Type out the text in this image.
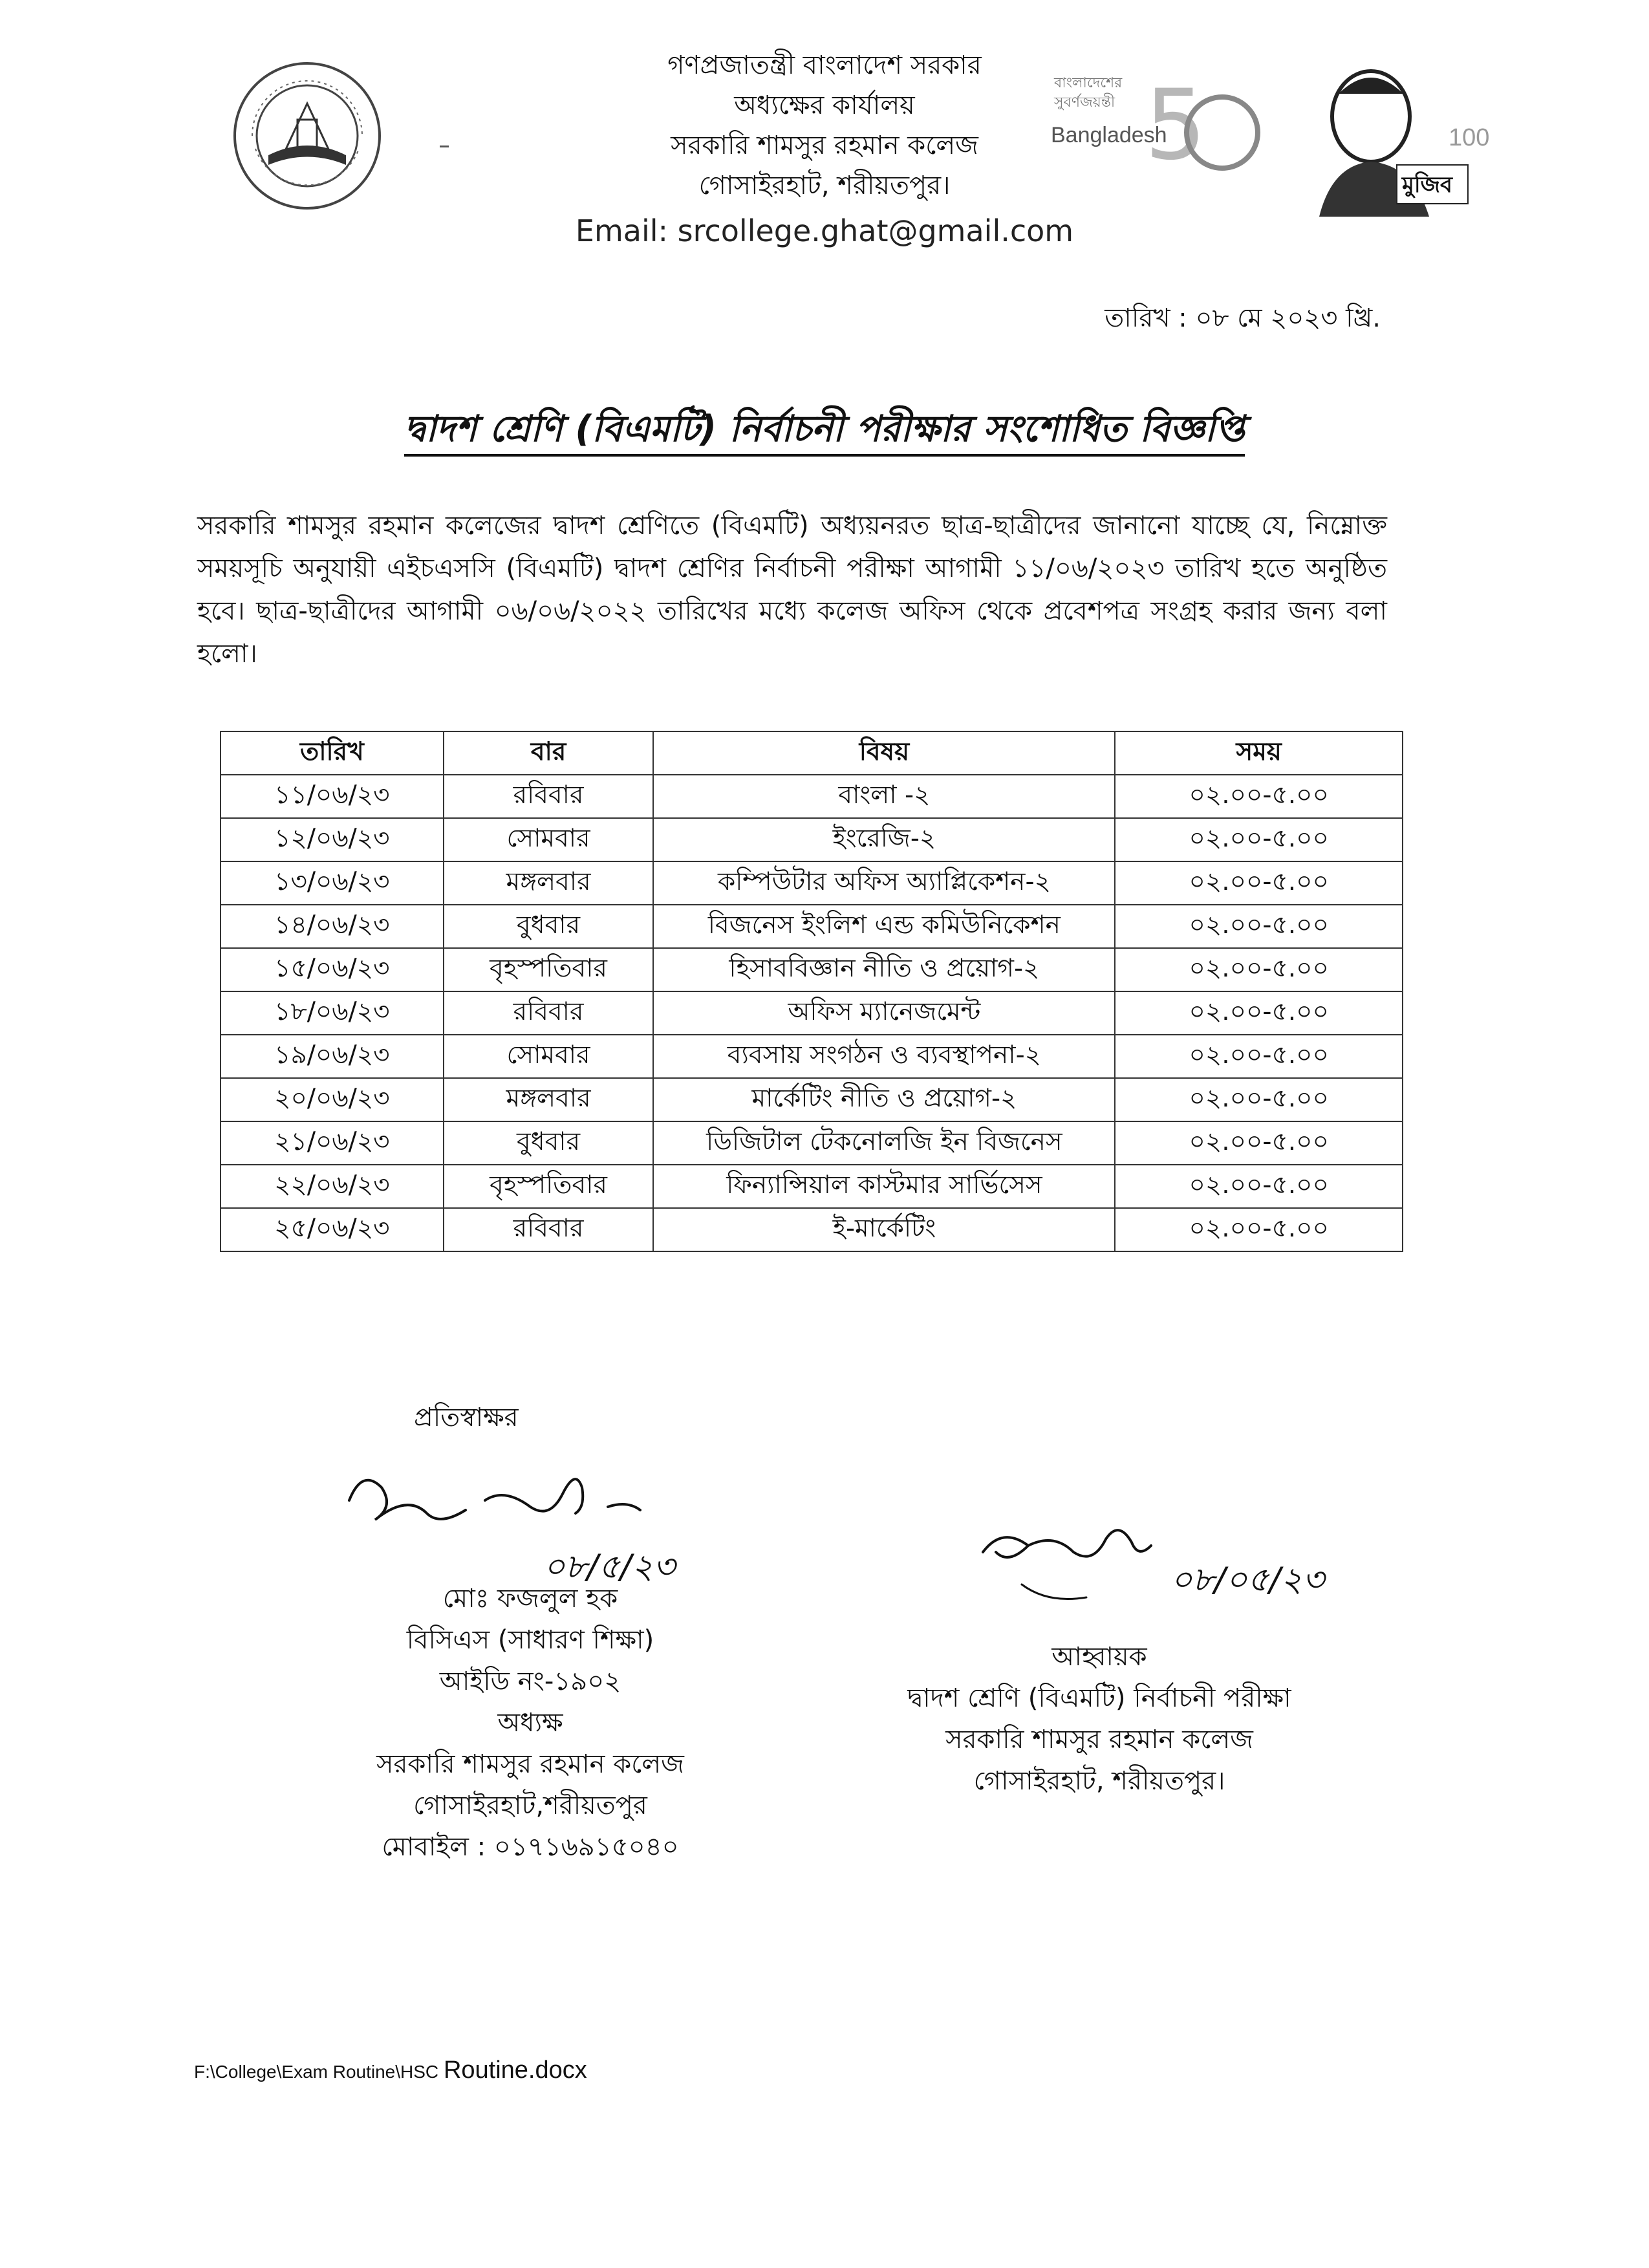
গণপ্রজাতন্ত্রী বাংলাদেশ সরকার
অধ্যক্ষের কার্যালয়
সরকারি শামসুর রহমান কলেজ
গোসাইরহাট, শরীয়তপুর।
Email: srcollege.ghat@gmail.com
বাংলাদেশের
সুবর্ণজয়ন্তী 5
Bangladesh
মুজিব
100
তারিখ : ০৮ মে ২০২৩ খ্রি.
দ্বাদশ শ্রেণি (বিএমটি) নির্বাচনী পরীক্ষার সংশোধিত বিজ্ঞপ্তি
সরকারি শামসুর রহমান কলেজের দ্বাদশ শ্রেণিতে (বিএমটি) অধ্যয়নরত ছাত্র-ছাত্রীদের জানানো যাচ্ছে যে, নিম্নোক্ত সময়সূচি অনুযায়ী এইচএসসি (বিএমটি) দ্বাদশ শ্রেণির নির্বাচনী পরীক্ষা আগামী ১১/০৬/২০২৩ তারিখ হতে অনুষ্ঠিত হবে। ছাত্র-ছাত্রীদের আগামী ০৬/০৬/২০২২ তারিখের মধ্যে কলেজ অফিস থেকে প্রবেশপত্র সংগ্রহ করার জন্য বলা হলো।
তারিখ	বার	বিষয়	সময়
১১/০৬/২৩	রবিবার	বাংলা -২	০২.০০-৫.০০
১২/০৬/২৩	সোমবার	ইংরেজি-২	০২.০০-৫.০০
১৩/০৬/২৩	মঙ্গলবার	কম্পিউটার অফিস অ্যাপ্লিকেশন-২	০২.০০-৫.০০
১৪/০৬/২৩	বুধবার	বিজনেস ইংলিশ এন্ড কমিউনিকেশন	০২.০০-৫.০০
১৫/০৬/২৩	বৃহস্পতিবার	হিসাববিজ্ঞান নীতি ও প্রয়োগ-২	০২.০০-৫.০০
১৮/০৬/২৩	রবিবার	অফিস ম্যানেজমেন্ট	০২.০০-৫.০০
১৯/০৬/২৩	সোমবার	ব্যবসায় সংগঠন ও ব্যবস্থাপনা-২	০২.০০-৫.০০
২০/০৬/২৩	মঙ্গলবার	মার্কেটিং নীতি ও প্রয়োগ-২	০২.০০-৫.০০
২১/০৬/২৩	বুধবার	ডিজিটাল টেকনোলজি ইন বিজনেস	০২.০০-৫.০০
২২/০৬/২৩	বৃহস্পতিবার	ফিন্যান্সিয়াল কাস্টমার সার্ভিসেস	০২.০০-৫.০০
২৫/০৬/২৩	রবিবার	ই-মার্কেটিং	০২.০০-৫.০০
প্রতিস্বাক্ষর
০৮/৫/২৩	০৮/০৫/২৩
মোঃ ফজলুল হক
বিসিএস (সাধারণ শিক্ষা)
আইডি নং-১৯০২
অধ্যক্ষ
সরকারি শামসুর রহমান কলেজ
গোসাইরহাট,শরীয়তপুর
মোবাইল : ০১৭১৬৯১৫০৪০
আহ্বায়ক
দ্বাদশ শ্রেণি (বিএমটি) নির্বাচনী পরীক্ষা
সরকারি শামসুর রহমান কলেজ
গোসাইরহাট, শরীয়তপুর।
F:\College\Exam Routine\HSC Routine.docx
